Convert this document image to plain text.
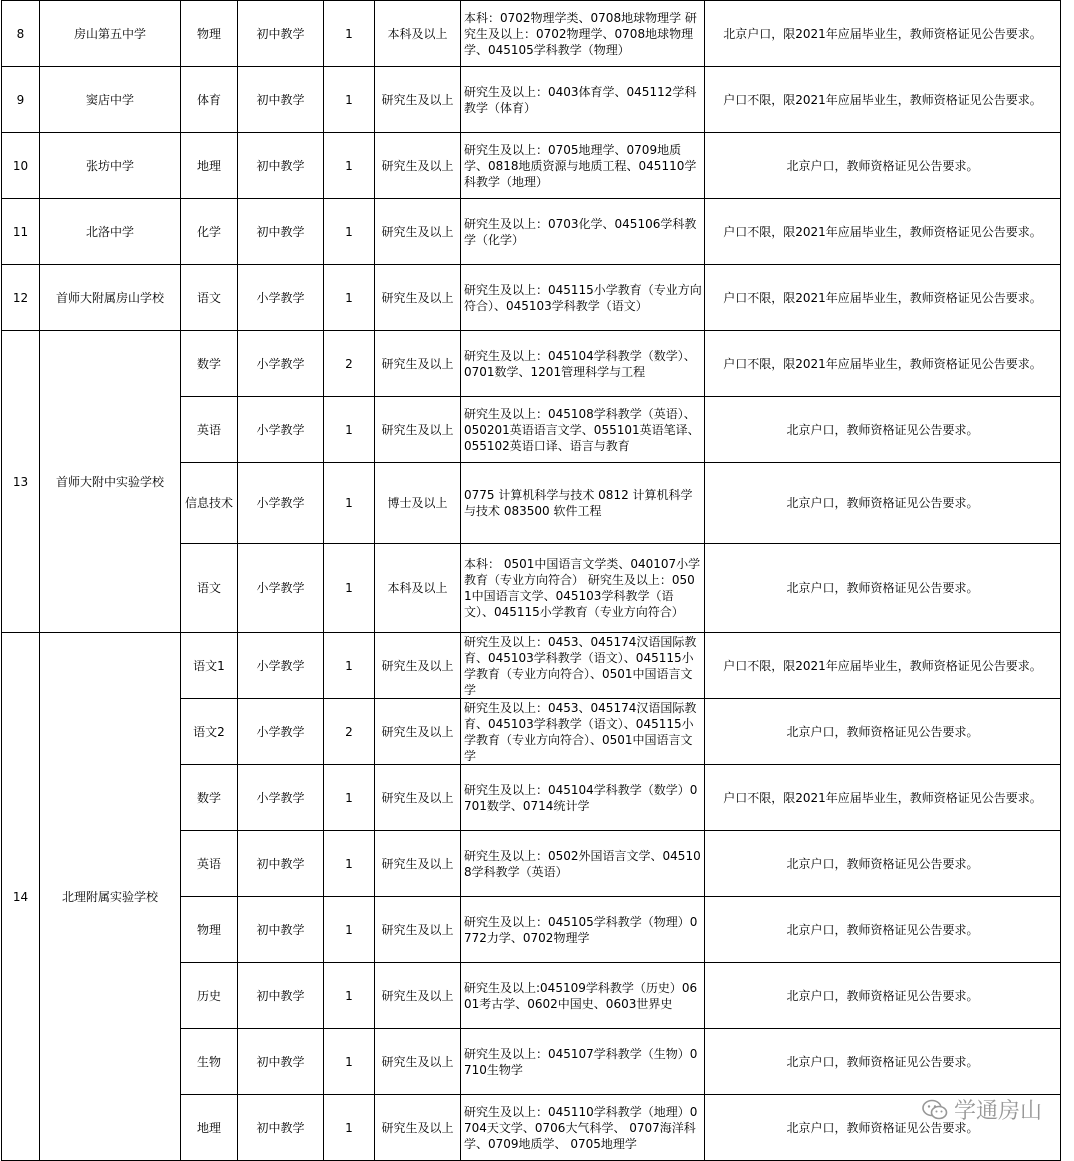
8	房山第五中学	物理	初中教学	1	本科及以上	本科：0702物理学类、0708地球物理学 研究生及以上：0702物理学、0708地球物理学、045105学科教学（物理）	北京户口，限2021年应届毕业生，教师资格证见公告要求。
9	窦店中学	体育	初中教学	1	研究生及以上	研究生及以上：0403体育学、045112学科教学（体育）	户口不限，限2021年应届毕业生，教师资格证见公告要求。
10	张坊中学	地理	初中教学	1	研究生及以上	研究生及以上：0705地理学、0709地质学、0818地质资源与地质工程、045110学科教学（地理）	北京户口，教师资格证见公告要求。
11	北洛中学	化学	初中教学	1	研究生及以上	研究生及以上：0703化学、045106学科教学（化学）	户口不限，限2021年应届毕业生，教师资格证见公告要求。
12	首师大附属房山学校	语文	小学教学	1	研究生及以上	研究生及以上：045115小学教育（专业方向符合）、045103学科教学（语文）	户口不限，限2021年应届毕业生，教师资格证见公告要求。
13	首师大附中实验学校	数学	小学教学	2	研究生及以上	研究生及以上：045104学科教学（数学）、0701数学、1201管理科学与工程	户口不限，限2021年应届毕业生，教师资格证见公告要求。
		英语	小学教学	1	研究生及以上	研究生及以上：045108学科教学（英语）、050201英语语言文学、055101英语笔译、055102英语口译、语言与教育	北京户口，教师资格证见公告要求。
		信息技术	小学教学	1	博士及以上	0775 计算机科学与技术 0812 计算机科学与技术 083500 软件工程	北京户口，教师资格证见公告要求。
		语文	小学教学	1	本科及以上	本科： 0501中国语言文学类、040107小学教育（专业方向符合） 研究生及以上：0501中国语言文学、045103学科教学（语文）、045115小学教育（专业方向符合）	北京户口，教师资格证见公告要求。
14	北理附属实验学校	语文1	小学教学	1	研究生及以上	研究生及以上：0453、045174汉语国际教育、045103学科教学（语文）、045115小学教育（专业方向符合）、0501中国语言文学	户口不限，限2021年应届毕业生，教师资格证见公告要求。
		语文2	小学教学	2	研究生及以上	研究生及以上：0453、045174汉语国际教育、045103学科教学（语文）、045115小学教育（专业方向符合）、0501中国语言文学	北京户口，教师资格证见公告要求。
		数学	小学教学	1	研究生及以上	研究生及以上：045104学科教学（数学）0701数学、0714统计学	户口不限，限2021年应届毕业生，教师资格证见公告要求。
		英语	初中教学	1	研究生及以上	研究生及以上：0502外国语言文学、045108学科教学（英语）	北京户口，教师资格证见公告要求。
		物理	初中教学	1	研究生及以上	研究生及以上：045105学科教学（物理）0772力学、0702物理学	北京户口，教师资格证见公告要求。
		历史	初中教学	1	研究生及以上	研究生及以上:045109学科教学（历史）0601考古学、0602中国史、0603世界史	北京户口，教师资格证见公告要求。
		生物	初中教学	1	研究生及以上	研究生及以上：045107学科教学（生物）0710生物学	北京户口，教师资格证见公告要求。
		地理	初中教学	1	研究生及以上	研究生及以上：045110学科教学（地理）0704天文学、0706大气科学、 0707海洋科学、0709地质学、 0705地理学	北京户口，教师资格证见公告要求。
学通房山
